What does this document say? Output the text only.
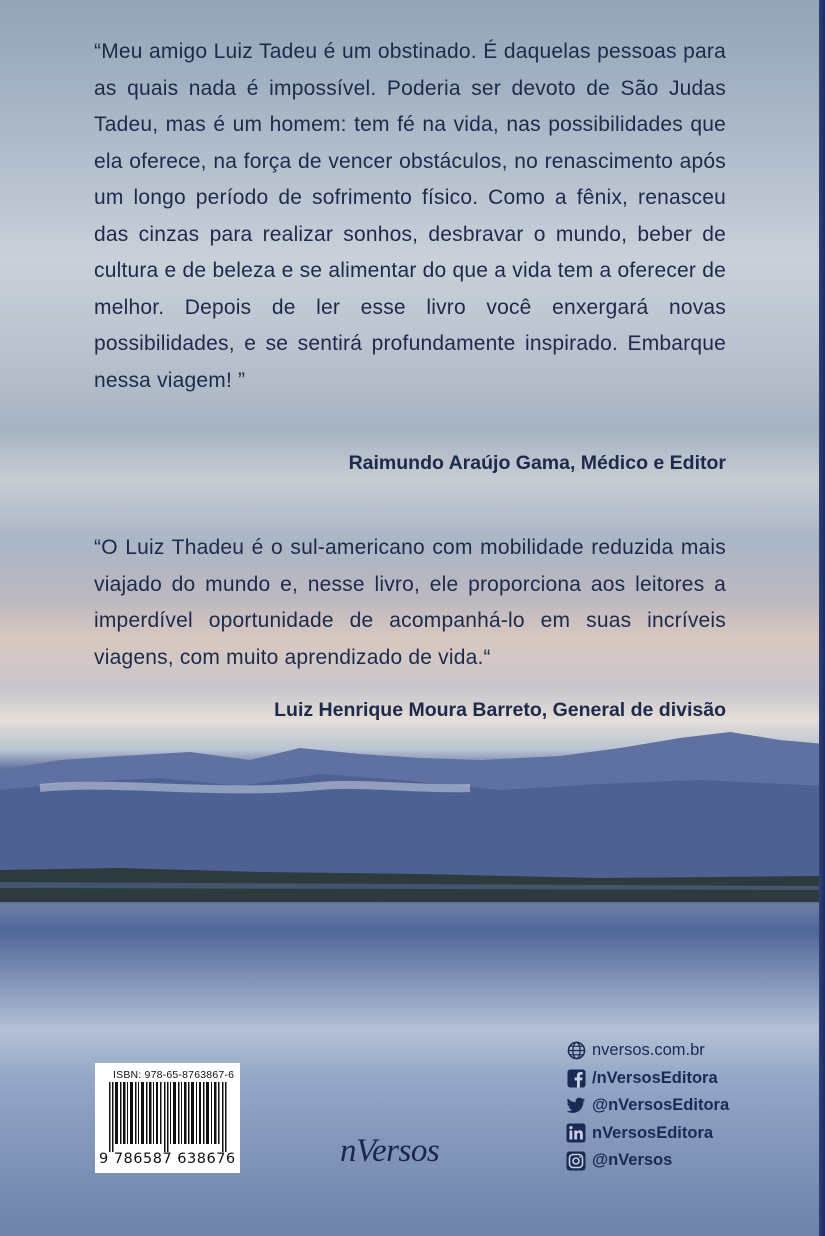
“Meu amigo Luiz Tadeu é um obstinado. É daquelas pessoas para as quais nada é impossível. Poderia ser devoto de São Judas Tadeu, mas é um homem: tem fé na vida, nas possibilidades que ela oferece, na força de vencer obstáculos, no renascimento após um longo período de sofrimento físico. Como a fênix, renasceu das cinzas para realizar sonhos, desbravar o mundo, beber de cultura e de beleza e se alimentar do que a vida tem a oferecer de melhor. Depois de ler esse livro você enxergará novas possibilidades, e se sentirá profundamente inspirado. Embarque nessa viagem! ”
Raimundo Araújo Gama, Médico e Editor
“O Luiz Thadeu é o sul-americano com mobilidade reduzida mais viajado do mundo e, nesse livro, ele proporciona aos leitores a imperdível oportunidade de acompanhá-lo em suas incríveis viagens, com muito aprendizado de vida.“
Luiz Henrique Moura Barreto, General de divisão
ISBN: 978-65-8763867-6
9 786587 638676	nVersos
nversos.com.br
/nVersosEditora
@nVersosEditora
nVersosEditora
@nVersos
